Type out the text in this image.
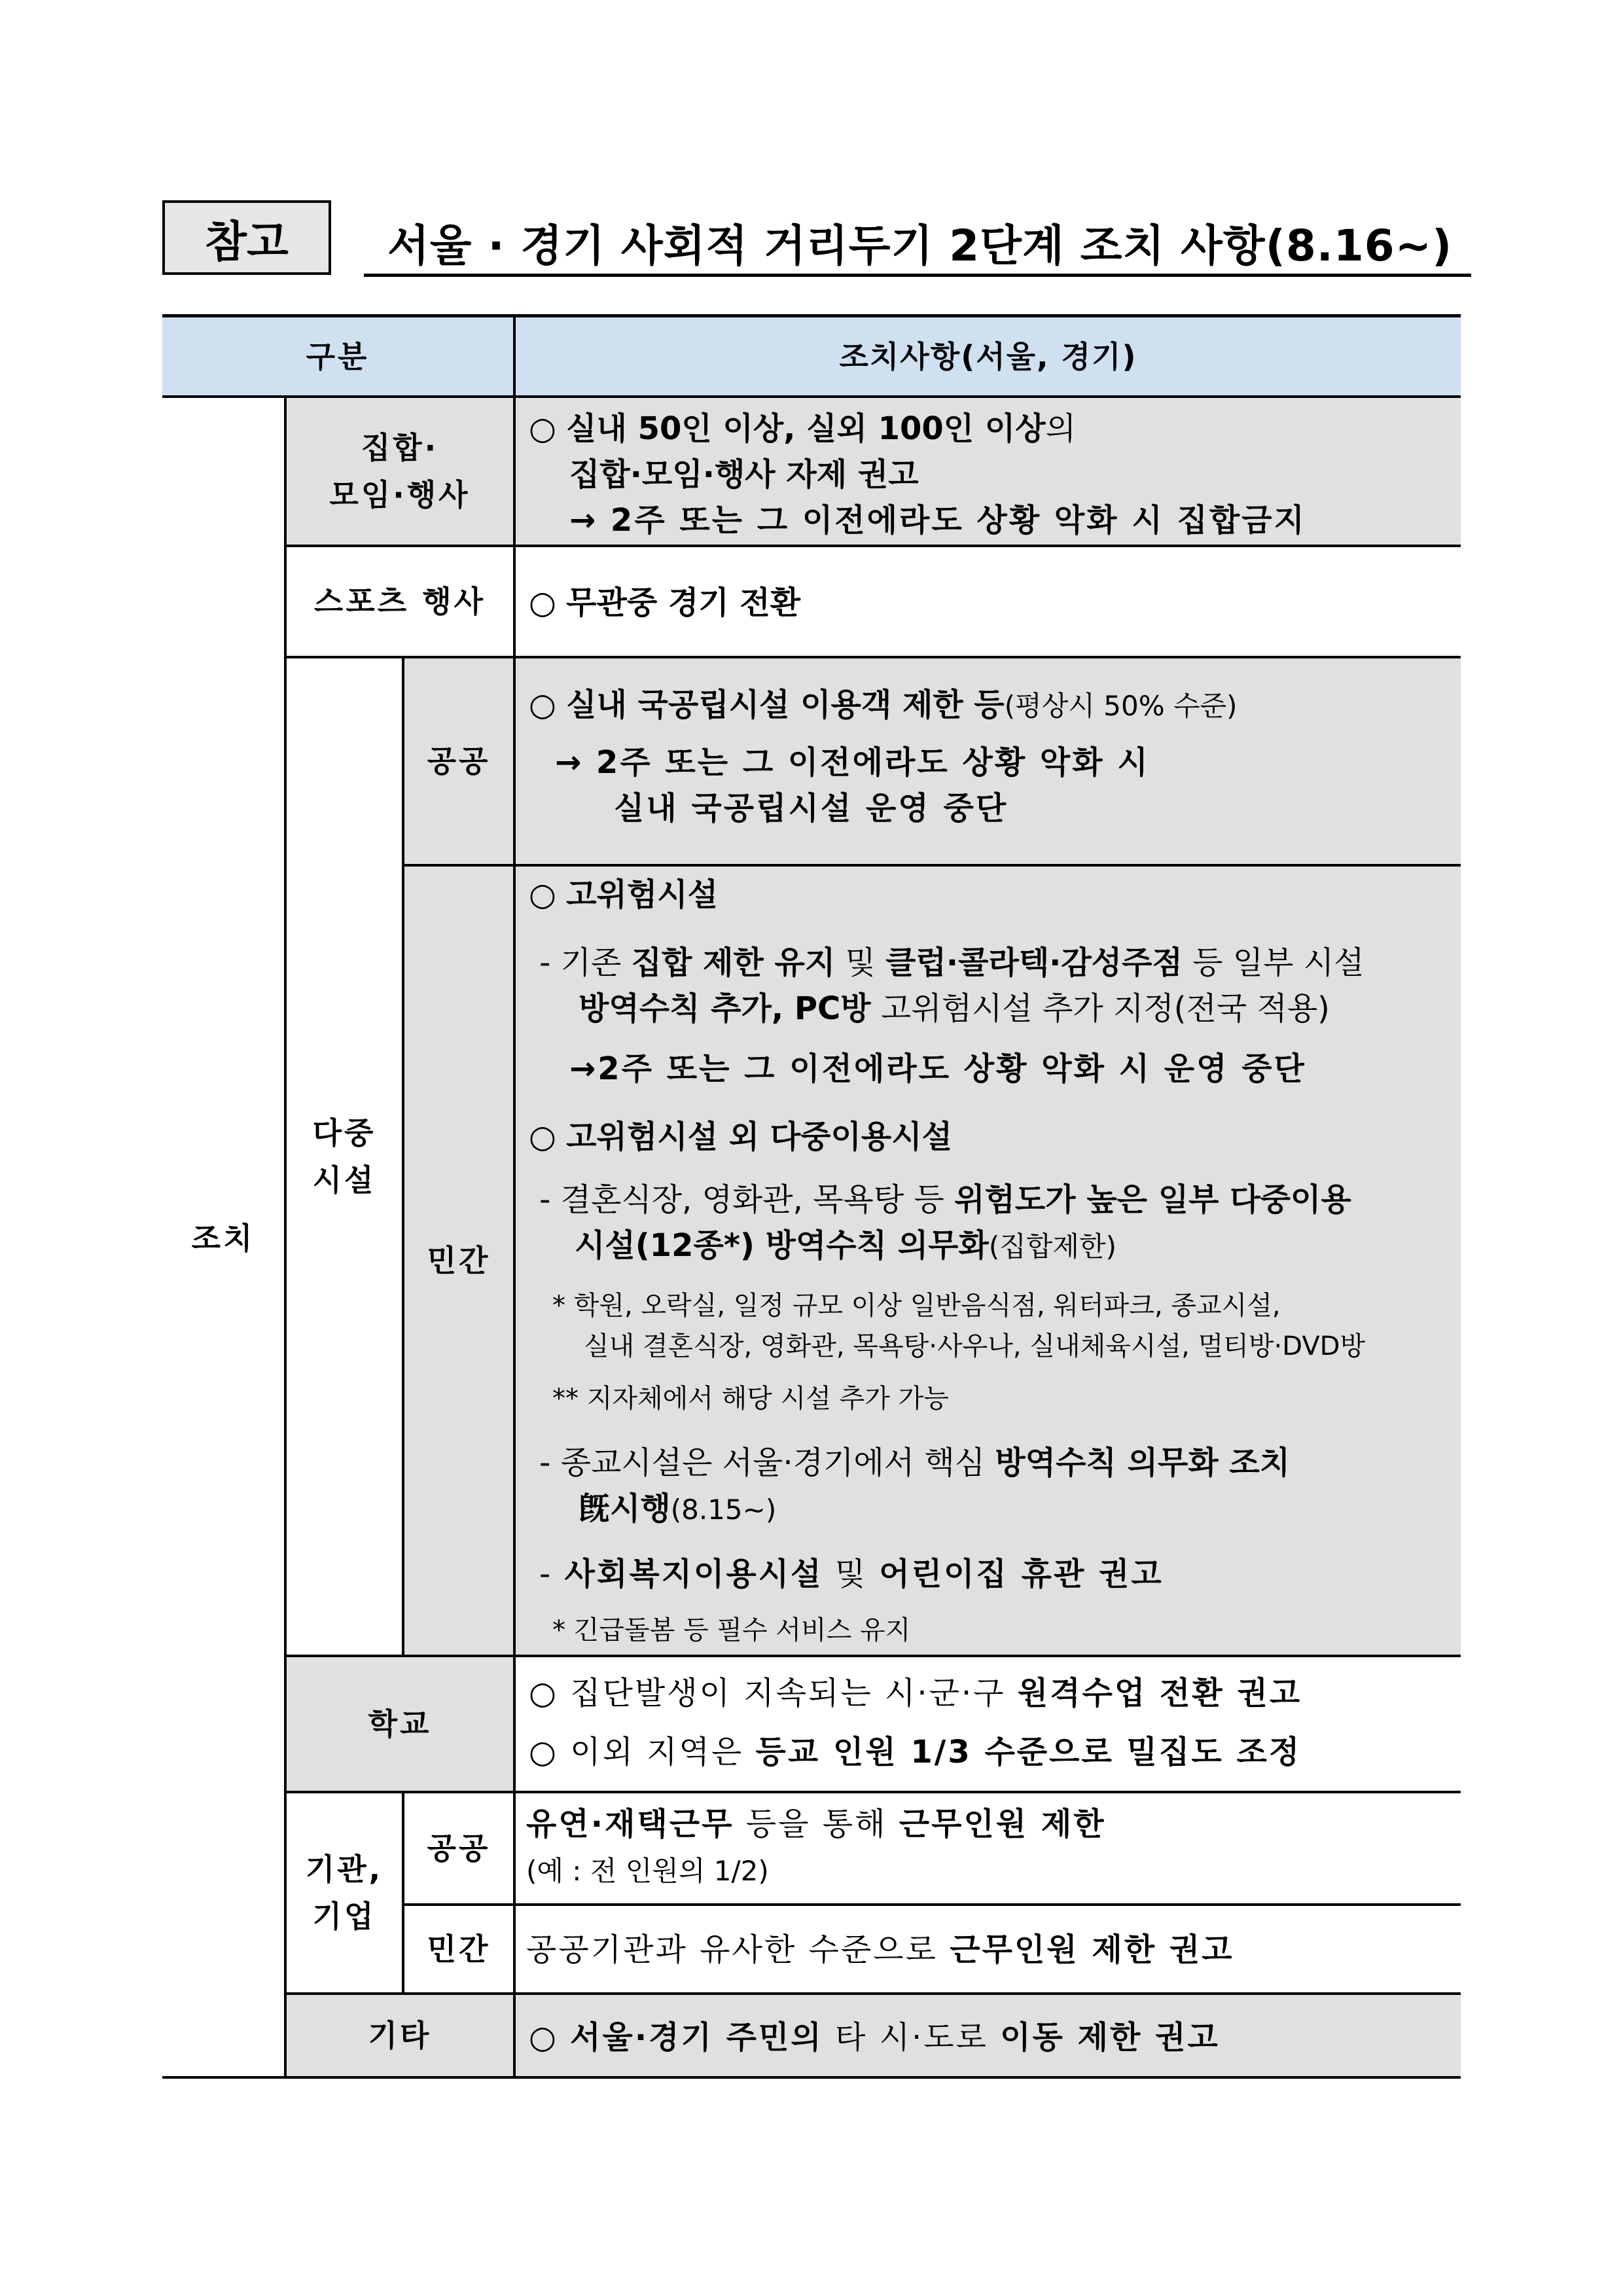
참고 서울 · 경기 사회적 거리두기 2단계 조치 사항(8.16~)
구분	조치사항(서울, 경기)
조치
집합·
모임·행사
○ 실내 50인 이상, 실외 100인 이상의
집합·모임·행사 자제 권고
→ 2주 또는 그 이전에라도 상황 악화 시 집합금지
스포츠 행사 ○ 무관중 경기 전환
다중
시설
공공
○ 실내 국공립시설 이용객 제한 등(평상시 50% 수준)
→ 2주 또는 그 이전에라도 상황 악화 시
실내 국공립시설 운영 중단
민간
○ 고위험시설
- 기존 집합 제한 유지 및 클럽·콜라텍·감성주점 등 일부 시설
방역수칙 추가, PC방 고위험시설 추가 지정(전국 적용)
→2주 또는 그 이전에라도 상황 악화 시 운영 중단
○ 고위험시설 외 다중이용시설
- 결혼식장, 영화관, 목욕탕 등 위험도가 높은 일부 다중이용
시설(12종*) 방역수칙 의무화(집합제한)
* 학원, 오락실, 일정 규모 이상 일반음식점, 워터파크, 종교시설,
실내 결혼식장, 영화관, 목욕탕·사우나, 실내체육시설, 멀티방·DVD방
** 지자체에서 해당 시설 추가 가능
- 종교시설은 서울·경기에서 핵심 방역수칙 의무화 조치
旣시행(8.15~)
- 사회복지이용시설 및 어린이집 휴관 권고
* 긴급돌봄 등 필수 서비스 유지
학교
○ 집단발생이 지속되는 시·군·구 원격수업 전환 권고
○ 이외 지역은 등교 인원 1/3 수준으로 밀집도 조정
기관,
기업
공공
유연·재택근무 등을 통해 근무인원 제한
(예 : 전 인원의 1/2)
민간 공공기관과 유사한 수준으로 근무인원 제한 권고
기타	○ 서울·경기 주민의 타 시·도로 이동 제한 권고
